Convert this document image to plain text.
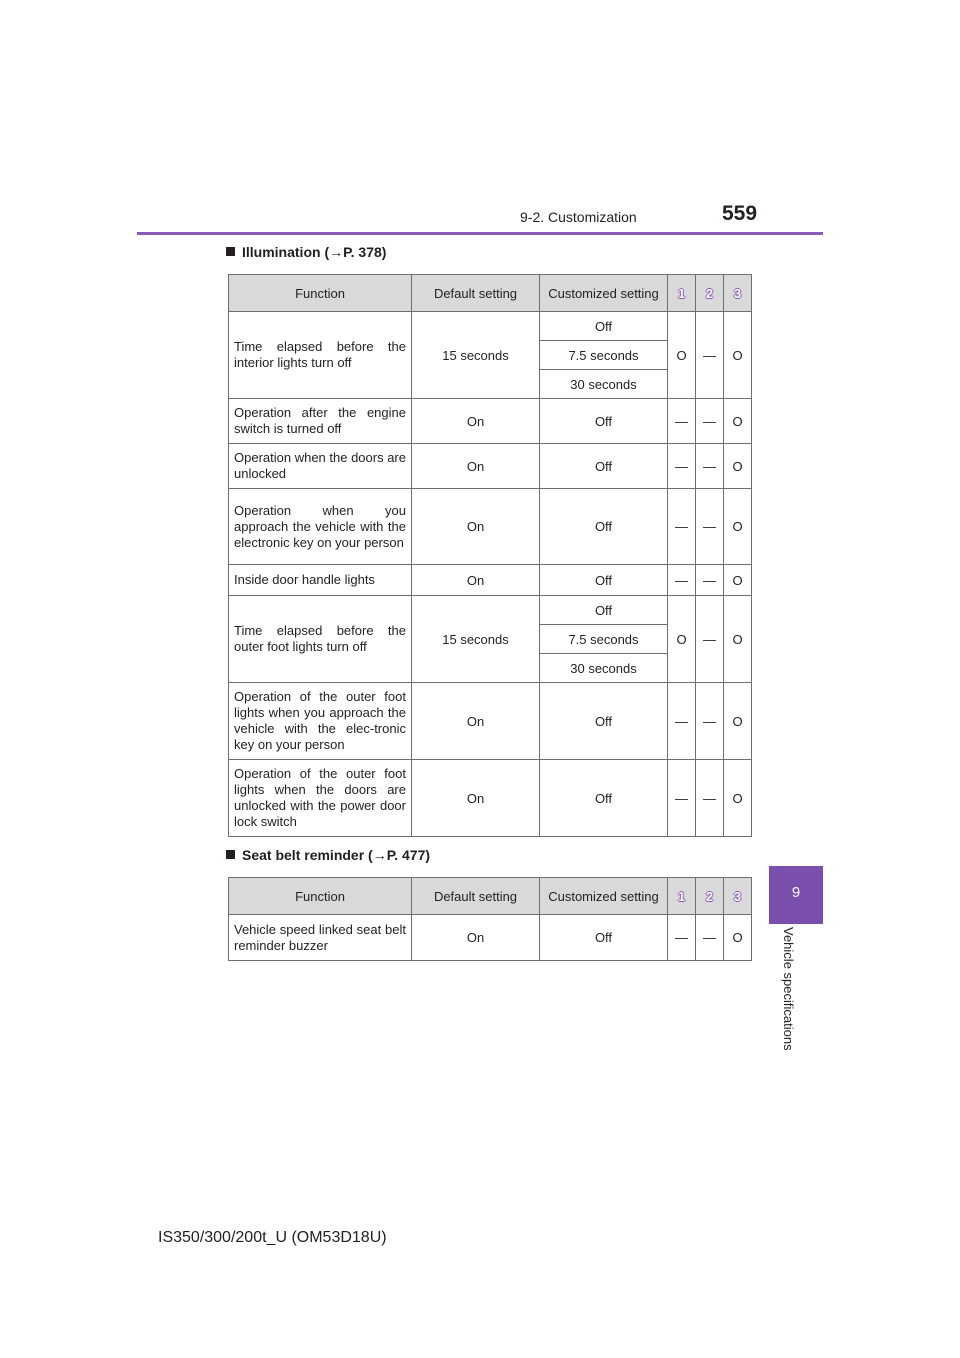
9-2. Customization	559
9
Vehicle specifications
Illumination (→P. 378)
Function	Default setting	Customized setting	1	2	3
Time elapsed before the interior lights turn off	15 seconds	Off	O	—	O
		7.5 seconds			
		30 seconds			
Operation after the engine switch is turned off	On	Off	—	—	O
Operation when the doors are unlocked	On	Off	—	—	O
Operation when you approach the vehicle with the electronic key on your person	On	Off	—	—	O
Inside door handle lights	On	Off	—	—	O
Time elapsed before the outer foot lights turn off	15 seconds	Off	O	—	O
		7.5 seconds			
		30 seconds			
Operation of the outer foot lights when you approach the vehicle with the elec-tronic key on your person	On	Off	—	—	O
Operation of the outer foot lights when the doors are unlocked with the power door lock switch	On	Off	—	—	O
Seat belt reminder (→P. 477)
Function	Default setting	Customized setting	1	2	3
Vehicle speed linked seat belt reminder buzzer	On	Off	—	—	O
IS350/300/200t_U (OM53D18U)
